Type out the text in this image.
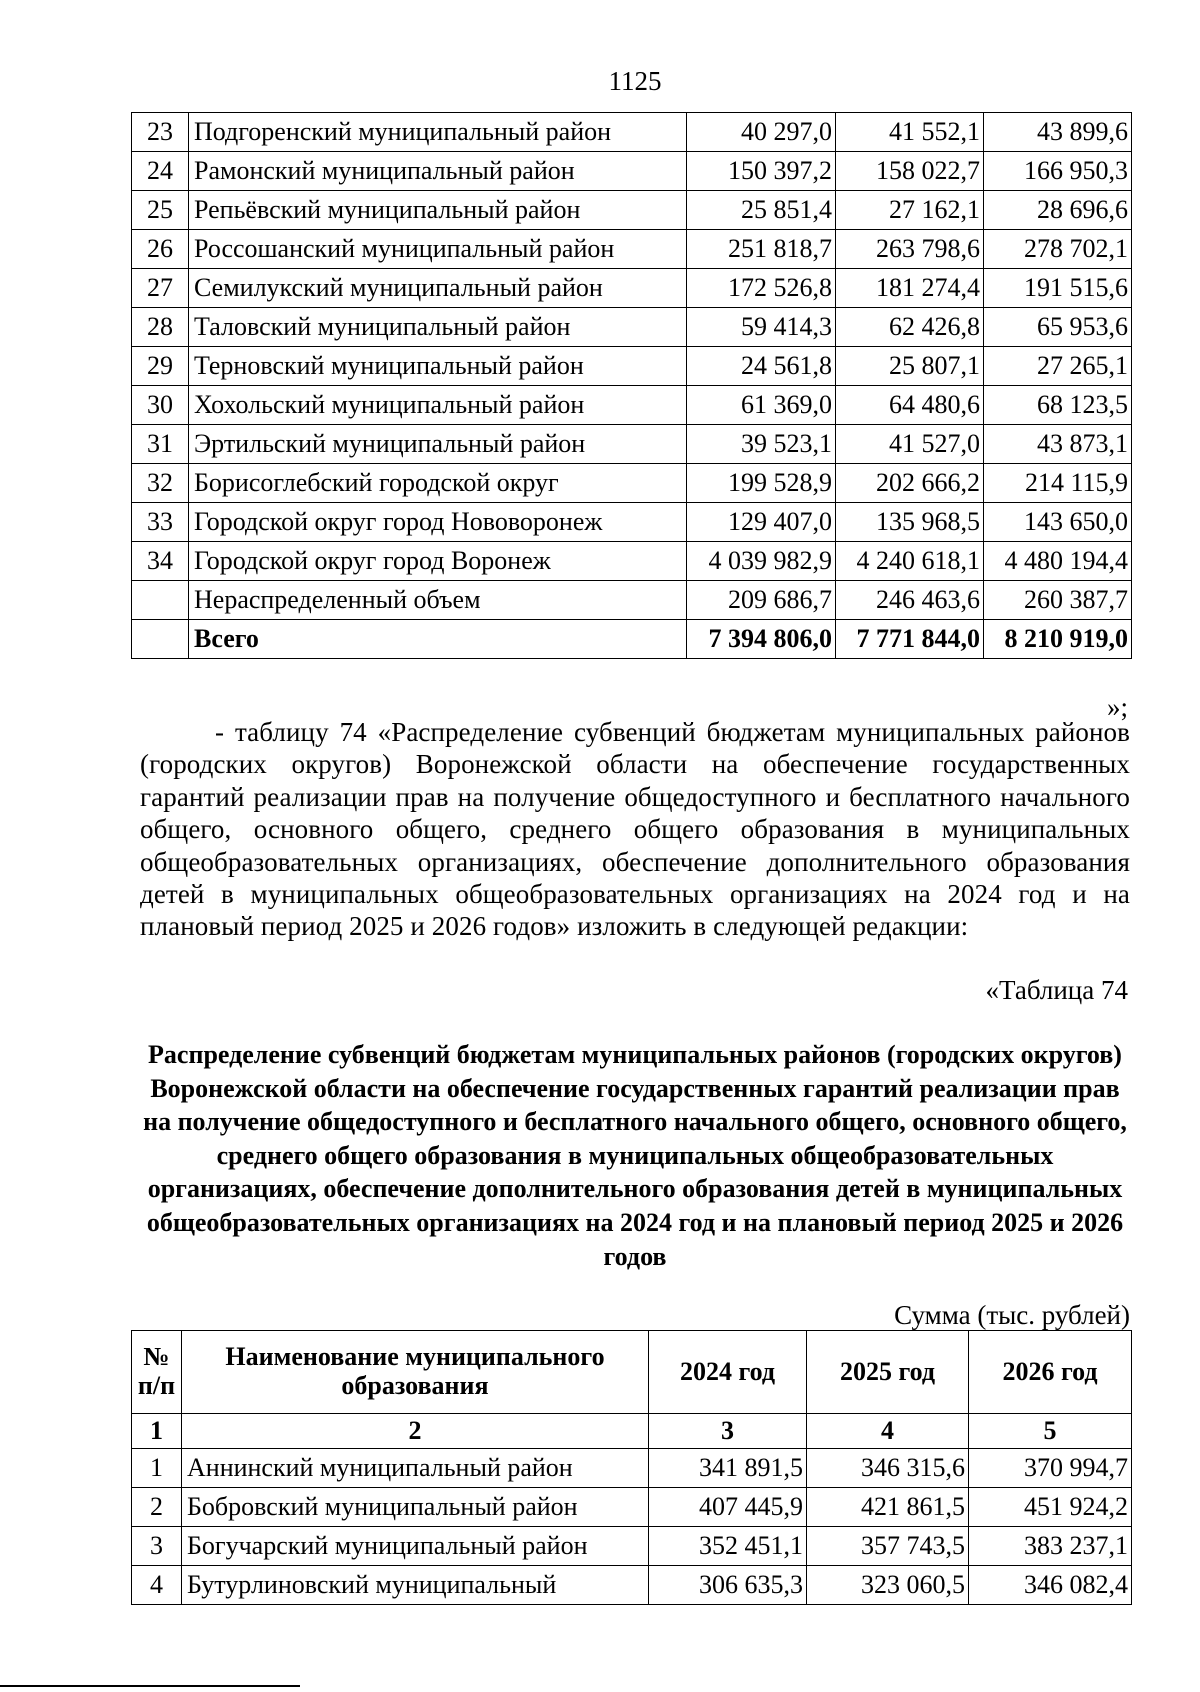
1125
23	Подгоренский муниципальный район	40 297,0	41 552,1	43 899,6
24	Рамонский муниципальный район	150 397,2	158 022,7	166 950,3
25	Репьёвский муниципальный район	25 851,4	27 162,1	28 696,6
26	Россошанский муниципальный район	251 818,7	263 798,6	278 702,1
27	Семилукский муниципальный район	172 526,8	181 274,4	191 515,6
28	Таловский муниципальный район	59 414,3	62 426,8	65 953,6
29	Терновский муниципальный район	24 561,8	25 807,1	27 265,1
30	Хохольский муниципальный район	61 369,0	64 480,6	68 123,5
31	Эртильский муниципальный район	39 523,1	41 527,0	43 873,1
32	Борисоглебский городской округ	199 528,9	202 666,2	214 115,9
33	Городской округ город Нововоронеж	129 407,0	135 968,5	143 650,0
34	Городской округ город Воронеж	4 039 982,9	4 240 618,1	4 480 194,4
	Нераспределенный объем	209 686,7	246 463,6	260 387,7
	Всего	7 394 806,0	7 771 844,0	8 210 919,0
»;

- таблицу 74 «Распределение субвенций бюджетам муниципальных районов (городских округов) Воронежской области на обеспечение государственных гарантий реализации прав на получение общедоступного и бесплатного начального общего, основного общего, среднего общего образования в муниципальных общеобразовательных организациях, обеспечение дополнительного образования детей в муниципальных общеобразовательных организациях на 2024 год и на плановый период 2025 и 2026 годов» изложить в следующей редакции:

«Таблица 74

Распределение субвенций бюджетам муниципальных районов (городских округов) Воронежской области на обеспечение государственных гарантий реализации прав на получение общедоступного и бесплатного начального общего, основного общего, среднего общего образования в муниципальных общеобразовательных организациях, обеспечение дополнительного образования детей в муниципальных общеобразовательных организациях на 2024 год и на плановый период 2025 и 2026 годов

Сумма (тыс. рублей)
№ п/п	Наименование муниципального образования	2024 год	2025 год	2026 год
1	2	3	4	5
1	Аннинский муниципальный район	341 891,5	346 315,6	370 994,7
2	Бобровский муниципальный район	407 445,9	421 861,5	451 924,2
3	Богучарский муниципальный район	352 451,1	357 743,5	383 237,1
4	Бутурлиновский муниципальный	306 635,3	323 060,5	346 082,4
